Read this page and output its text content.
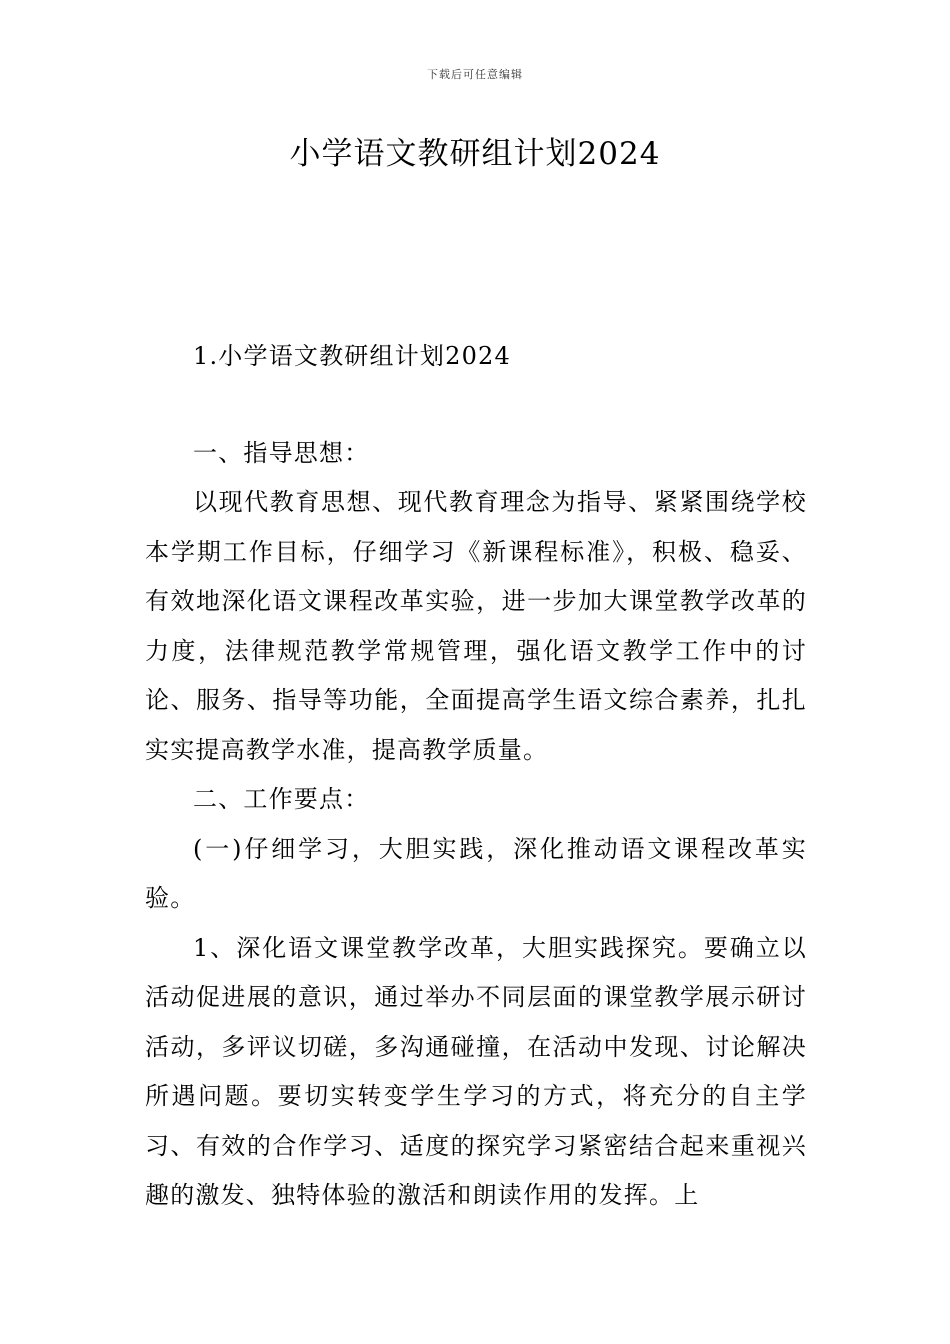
下载后可任意编辑
小学语文教研组计划2024

1.小学语文教研组计划2024

一、指导思想：

以现代教育思想、现代教育理念为指导、紧紧围绕学校本学期工作目标，仔细学习《新课程标准》，积极、稳妥、有效地深化语文课程改革实验，进一步加大课堂教学改革的力度，法律规范教学常规管理，强化语文教学工作中的讨论、服务、指导等功能，全面提高学生语文综合素养，扎扎实实提高教学水准，提高教学质量。

二、工作要点：

(一)仔细学习，大胆实践，深化推动语文课程改革实验。

1、深化语文课堂教学改革，大胆实践探究。要确立以活动促进展的意识，通过举办不同层面的课堂教学展示研讨活动，多评议切磋，多沟通碰撞，在活动中发现、讨论解决所遇问题。要切实转变学生学习的方式，将充分的自主学习、有效的合作学习、适度的探究学习紧密结合起来重视兴趣的激发、独特体验的激活和朗读作用的发挥。上
